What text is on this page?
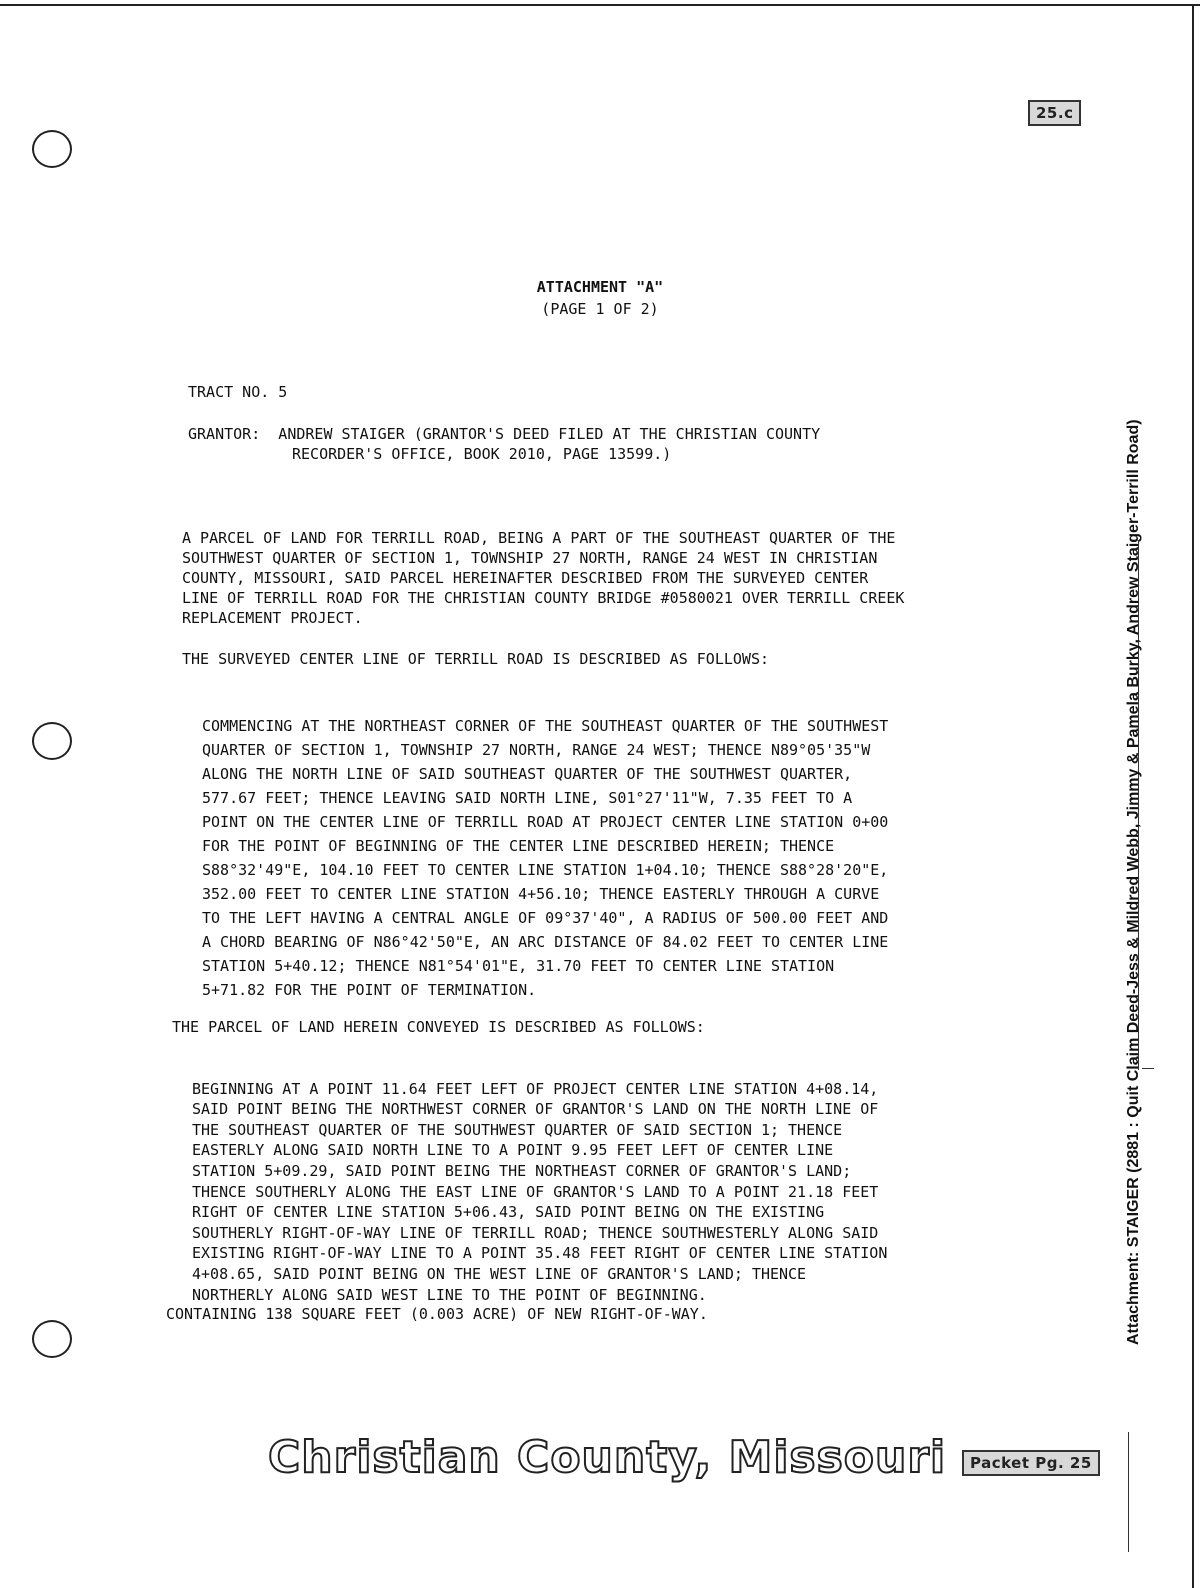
25.c
ATTACHMENT "A"
(PAGE 1 OF 2)
TRACT NO. 5
GRANTOR:  ANDREW STAIGER (GRANTOR'S DEED FILED AT THE CHRISTIAN COUNTY
RECORDER'S OFFICE, BOOK 2010, PAGE 13599.)

A PARCEL OF LAND FOR TERRILL ROAD, BEING A PART OF THE SOUTHEAST QUARTER OF THE
SOUTHWEST QUARTER OF SECTION 1, TOWNSHIP 27 NORTH, RANGE 24 WEST IN CHRISTIAN
COUNTY, MISSOURI, SAID PARCEL HEREINAFTER DESCRIBED FROM THE SURVEYED CENTER
LINE OF TERRILL ROAD FOR THE CHRISTIAN COUNTY BRIDGE #0580021 OVER TERRILL CREEK
REPLACEMENT PROJECT.

THE SURVEYED CENTER LINE OF TERRILL ROAD IS DESCRIBED AS FOLLOWS:

COMMENCING AT THE NORTHEAST CORNER OF THE SOUTHEAST QUARTER OF THE SOUTHWEST
QUARTER OF SECTION 1, TOWNSHIP 27 NORTH, RANGE 24 WEST; THENCE N89°05'35"W
ALONG THE NORTH LINE OF SAID SOUTHEAST QUARTER OF THE SOUTHWEST QUARTER,
577.67 FEET; THENCE LEAVING SAID NORTH LINE, S01°27'11"W, 7.35 FEET TO A
POINT ON THE CENTER LINE OF TERRILL ROAD AT PROJECT CENTER LINE STATION 0+00
FOR THE POINT OF BEGINNING OF THE CENTER LINE DESCRIBED HEREIN; THENCE
S88°32'49"E, 104.10 FEET TO CENTER LINE STATION 1+04.10; THENCE S88°28'20"E,
352.00 FEET TO CENTER LINE STATION 4+56.10; THENCE EASTERLY THROUGH A CURVE
TO THE LEFT HAVING A CENTRAL ANGLE OF 09°37'40", A RADIUS OF 500.00 FEET AND
A CHORD BEARING OF N86°42'50"E, AN ARC DISTANCE OF 84.02 FEET TO CENTER LINE
STATION 5+40.12; THENCE N81°54'01"E, 31.70 FEET TO CENTER LINE STATION
5+71.82 FOR THE POINT OF TERMINATION.

THE PARCEL OF LAND HEREIN CONVEYED IS DESCRIBED AS FOLLOWS:

BEGINNING AT A POINT 11.64 FEET LEFT OF PROJECT CENTER LINE STATION 4+08.14,
SAID POINT BEING THE NORTHWEST CORNER OF GRANTOR'S LAND ON THE NORTH LINE OF
THE SOUTHEAST QUARTER OF THE SOUTHWEST QUARTER OF SAID SECTION 1; THENCE
EASTERLY ALONG SAID NORTH LINE TO A POINT 9.95 FEET LEFT OF CENTER LINE
STATION 5+09.29, SAID POINT BEING THE NORTHEAST CORNER OF GRANTOR'S LAND;
THENCE SOUTHERLY ALONG THE EAST LINE OF GRANTOR'S LAND TO A POINT 21.18 FEET
RIGHT OF CENTER LINE STATION 5+06.43, SAID POINT BEING ON THE EXISTING
SOUTHERLY RIGHT-OF-WAY LINE OF TERRILL ROAD; THENCE SOUTHWESTERLY ALONG SAID
EXISTING RIGHT-OF-WAY LINE TO A POINT 35.48 FEET RIGHT OF CENTER LINE STATION
4+08.65, SAID POINT BEING ON THE WEST LINE OF GRANTOR'S LAND; THENCE
NORTHERLY ALONG SAID WEST LINE TO THE POINT OF BEGINNING.

CONTAINING 138 SQUARE FEET (0.003 ACRE) OF NEW RIGHT-OF-WAY.	Attachment: STAIGER (2881 : Quit Claim Deed-Jess & Mildred Webb, Jimmy & Pamela Burky, Andrew Staiger-Terrill Road)
Christian County, Missouri	Packet Pg. 25
